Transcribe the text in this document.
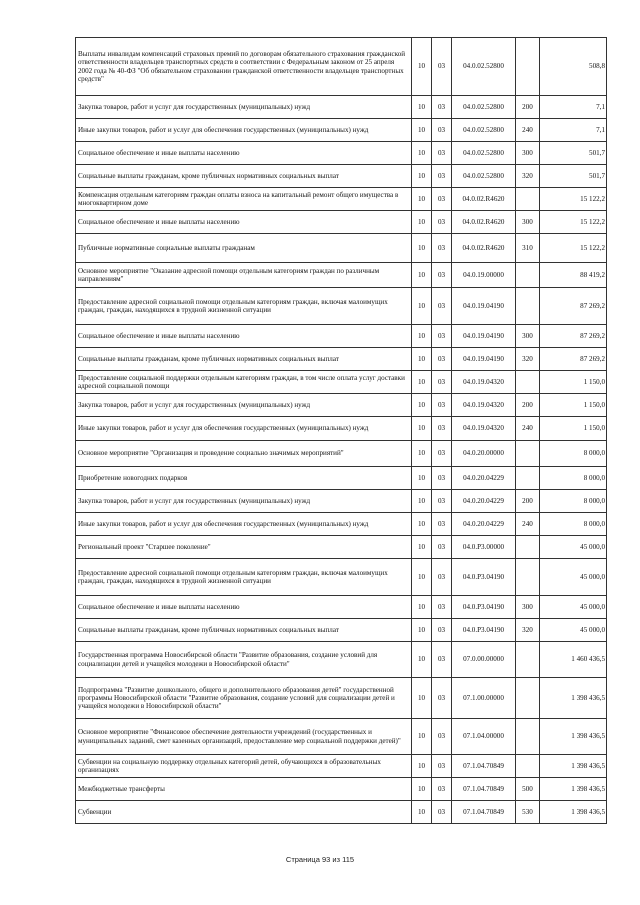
Выплаты инвалидам компенсаций страховых премий по договорам обязательного страхования гражданской ответственности владельцев транспортных средств в соответствии с Федеральным законом от 25 апреля 2002 года № 40-ФЗ "Об обязательном страховании гражданской ответственности владельцев транспортных средств"	10	03	04.0.02.52800		508,8
Закупка товаров, работ и услуг для государственных (муниципальных) нужд	10	03	04.0.02.52800	200	7,1
Иные закупки товаров, работ и услуг для обеспечения государственных (муниципальных) нужд	10	03	04.0.02.52800	240	7,1
Социальное обеспечение и иные выплаты населению	10	03	04.0.02.52800	300	501,7
Социальные выплаты гражданам, кроме публичных нормативных социальных выплат	10	03	04.0.02.52800	320	501,7
Компенсация отдельным категориям граждан оплаты взноса на капитальный ремонт общего имущества в многоквартирном доме	10	03	04.0.02.R4620		15 122,2
Социальное обеспечение и иные выплаты населению	10	03	04.0.02.R4620	300	15 122,2
Публичные нормативные социальные выплаты гражданам	10	03	04.0.02.R4620	310	15 122,2
Основное мероприятие "Оказание адресной помощи отдельным категориям граждан по различным направлениям"	10	03	04.0.19.00000		88 419,2
Предоставление адресной социальной помощи отдельным категориям граждан, включая малоимущих граждан, граждан, находящихся в трудной жизненной ситуации	10	03	04.0.19.04190		87 269,2
Социальное обеспечение и иные выплаты населению	10	03	04.0.19.04190	300	87 269,2
Социальные выплаты гражданам, кроме публичных нормативных социальных выплат	10	03	04.0.19.04190	320	87 269,2
Предоставление социальной поддержки отдельным категориям граждан, в том числе оплата услуг доставки адресной социальной помощи	10	03	04.0.19.04320		1 150,0
Закупка товаров, работ и услуг для государственных (муниципальных) нужд	10	03	04.0.19.04320	200	1 150,0
Иные закупки товаров, работ и услуг для обеспечения государственных (муниципальных) нужд	10	03	04.0.19.04320	240	1 150,0
Основное мероприятие "Организация и проведение социально значимых мероприятий"	10	03	04.0.20.00000		8 000,0
Приобретение новогодних подарков	10	03	04.0.20.04229		8 000,0
Закупка товаров, работ и услуг для государственных (муниципальных) нужд	10	03	04.0.20.04229	200	8 000,0
Иные закупки товаров, работ и услуг для обеспечения государственных (муниципальных) нужд	10	03	04.0.20.04229	240	8 000,0
Региональный проект "Старшее поколение"	10	03	04.0.P3.00000		45 000,0
Предоставление адресной социальной помощи отдельным категориям граждан, включая малоимущих граждан, граждан, находящихся в трудной жизненной ситуации	10	03	04.0.P3.04190		45 000,0
Социальное обеспечение и иные выплаты населению	10	03	04.0.P3.04190	300	45 000,0
Социальные выплаты гражданам, кроме публичных нормативных социальных выплат	10	03	04.0.P3.04190	320	45 000,0
Государственная программа Новосибирской области "Развитие образования, создание условий для социализации детей и учащейся молодежи в Новосибирской области"	10	03	07.0.00.00000		1 460 436,5
Подпрограмма "Развитие дошкольного, общего и дополнительного образования детей" государственной программы Новосибирской области "Развитие образования, создание условий для социализации детей и учащейся молодежи в Новосибирской области"	10	03	07.1.00.00000		1 398 436,5
Основное мероприятие "Финансовое обеспечение деятельности учреждений (государственных и муниципальных заданий, смет казенных организаций, предоставление мер социальной поддержки детей)"	10	03	07.1.04.00000		1 398 436,5
Субвенции на социальную поддержку отдельных категорий детей, обучающихся в образовательных организациях	10	03	07.1.04.70849		1 398 436,5
Межбюджетные трансферты	10	03	07.1.04.70849	500	1 398 436,5
Субвенции	10	03	07.1.04.70849	530	1 398 436,5
Страница 93 из 115
